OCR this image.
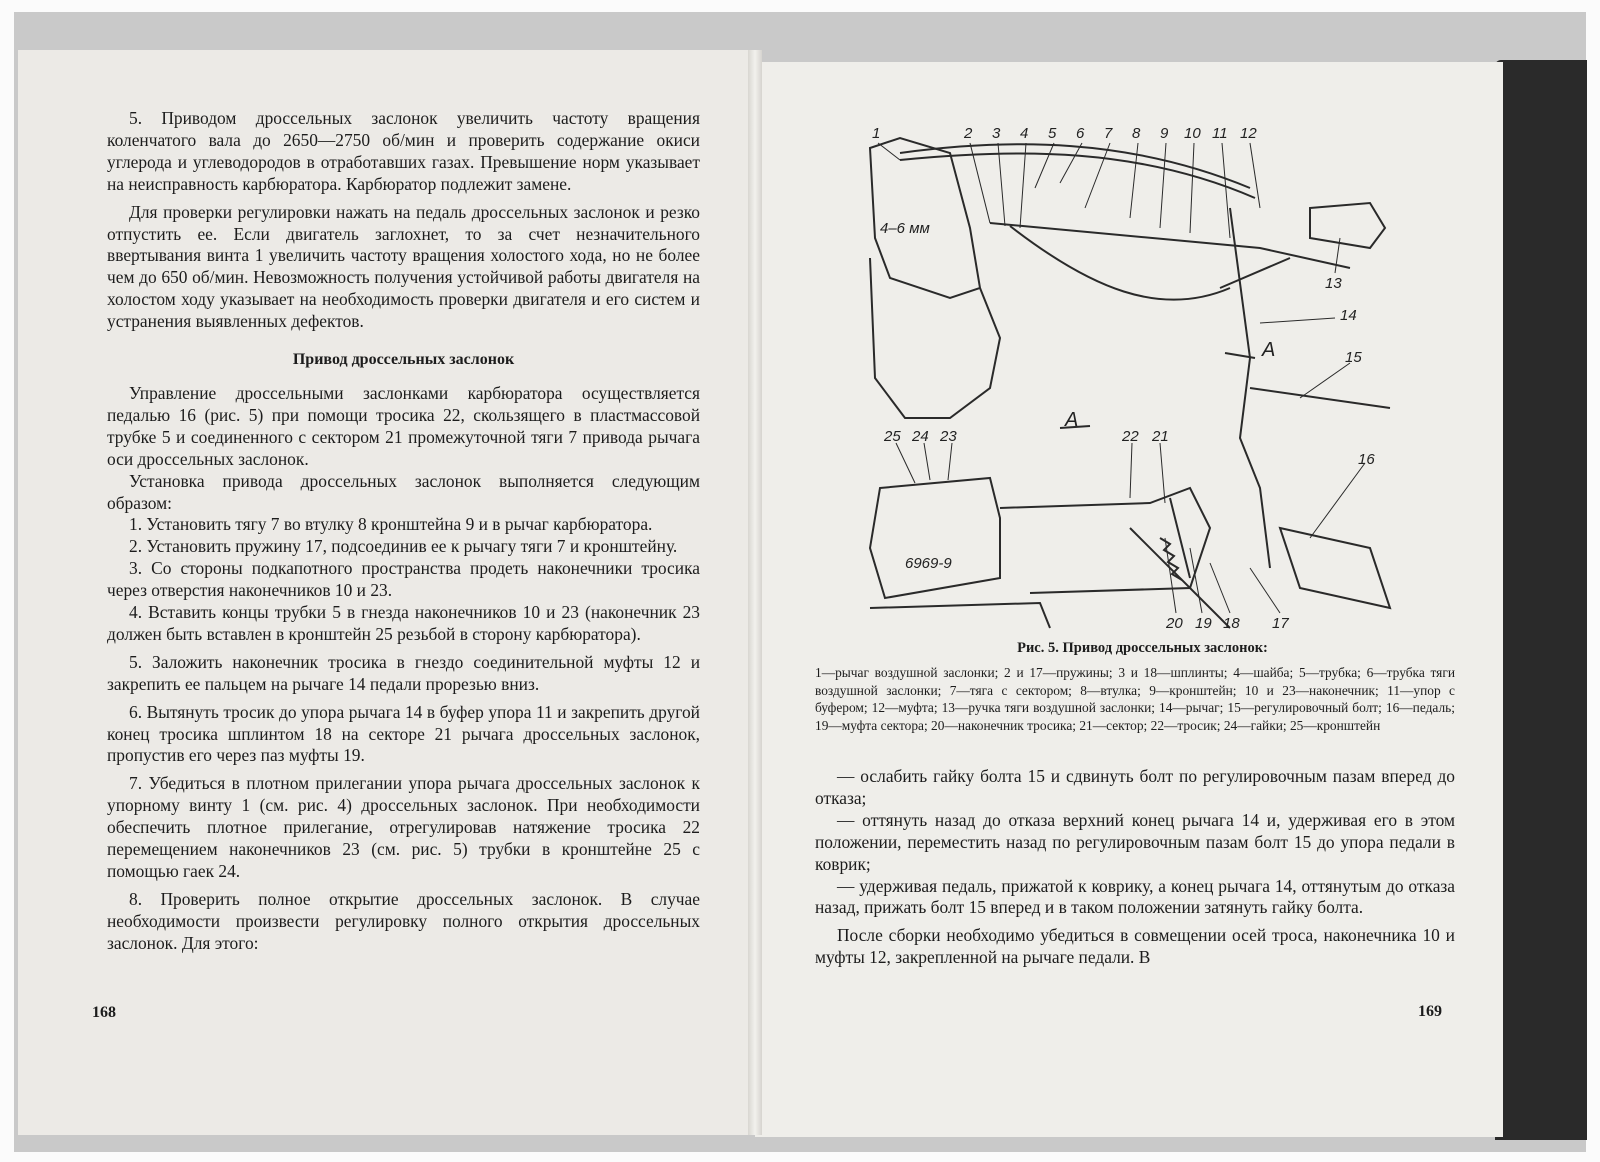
5. Приводом дроссельных заслонок увеличить частоту вращения коленчатого вала до 2650—2750 об/мин и проверить содержание окиси углерода и углеводородов в отработавших газах. Превышение норм указывает на неисправность карбюратора. Карбюратор подлежит замене.

Для проверки регулировки нажать на педаль дроссельных заслонок и резко отпустить ее. Если двигатель заглохнет, то за счет незначительного ввертывания винта 1 увеличить частоту вращения холостого хода, но не более чем до 650 об/мин. Невозможность получения устойчивой работы двигателя на холостом ходу указывает на необходимость проверки двигателя и его систем и устранения выявленных дефектов.

Привод дроссельных заслонок

Управление дроссельными заслонками карбюратора осуществляется педалью 16 (рис. 5) при помощи тросика 22, скользящего в пластмассовой трубке 5 и соединенного с сектором 21 промежуточной тяги 7 привода рычага оси дроссельных заслонок.

Установка привода дроссельных заслонок выполняется следующим образом:

1. Установить тягу 7 во втулку 8 кронштейна 9 и в рычаг карбюратора.

2. Установить пружину 17, подсоединив ее к рычагу тяги 7 и кронштейну.

3. Со стороны подкапотного пространства продеть наконечники тросика через отверстия наконечников 10 и 23.

4. Вставить концы трубки 5 в гнезда наконечников 10 и 23 (наконечник 23 должен быть вставлен в кронштейн 25 резьбой в сторону карбюратора).

5. Заложить наконечник тросика в гнездо соединительной муфты 12 и закрепить ее пальцем на рычаге 14 педали прорезью вниз.

6. Вытянуть тросик до упора рычага 14 в буфер упора 11 и закрепить другой конец тросика шплинтом 18 на секторе 21 рычага дроссельных заслонок, пропустив его через паз муфты 19.

7. Убедиться в плотном прилегании упора рычага дроссельных заслонок к упорному винту 1 (см. рис. 4) дроссельных заслонок. При необходимости обеспечить плотное прилегание, отрегулировав натяжение тросика 22 перемещением наконечников 23 (см. рис. 5) трубки в кронштейне 25 с помощью гаек 24.

8. Проверить полное открытие дроссельных заслонок. В случае необходимости произвести регулировку полного открытия дроссельных заслонок. Для этого:

168
1	2 3 4 5 6 7 8 9 10 11 12
13
14
15
16
17
18
19
20
21
22
23
24
25
4–6 мм
A
A
6969-9
Рис. 5. Привод дроссельных заслонок:
1—рычаг воздушной заслонки; 2 и 17—пружины; 3 и 18—шплинты; 4—шайба; 5—трубка; 6—трубка тяги воздушной заслонки; 7—тяга с сектором; 8—втулка; 9—кронштейн; 10 и 23—наконечник; 11—упор с буфером; 12—муфта; 13—ручка тяги воздушной заслонки; 14—рычаг; 15—регулировочный болт; 16—педаль; 19—муфта сектора; 20—наконечник тросика; 21—сектор; 22—тросик; 24—гайки; 25—кронштейн

— ослабить гайку болта 15 и сдвинуть болт по регулировочным пазам вперед до отказа;

— оттянуть назад до отказа верхний конец рычага 14 и, удерживая его в этом положении, переместить назад по регулировочным пазам болт 15 до упора педали в коврик;

— удерживая педаль, прижатой к коврику, а конец рычага 14, оттянутым до отказа назад, прижать болт 15 вперед и в таком положении затянуть гайку болта.

После сборки необходимо убедиться в совмещении осей троса, наконечника 10 и муфты 12, закрепленной на рычаге педали. В

169
